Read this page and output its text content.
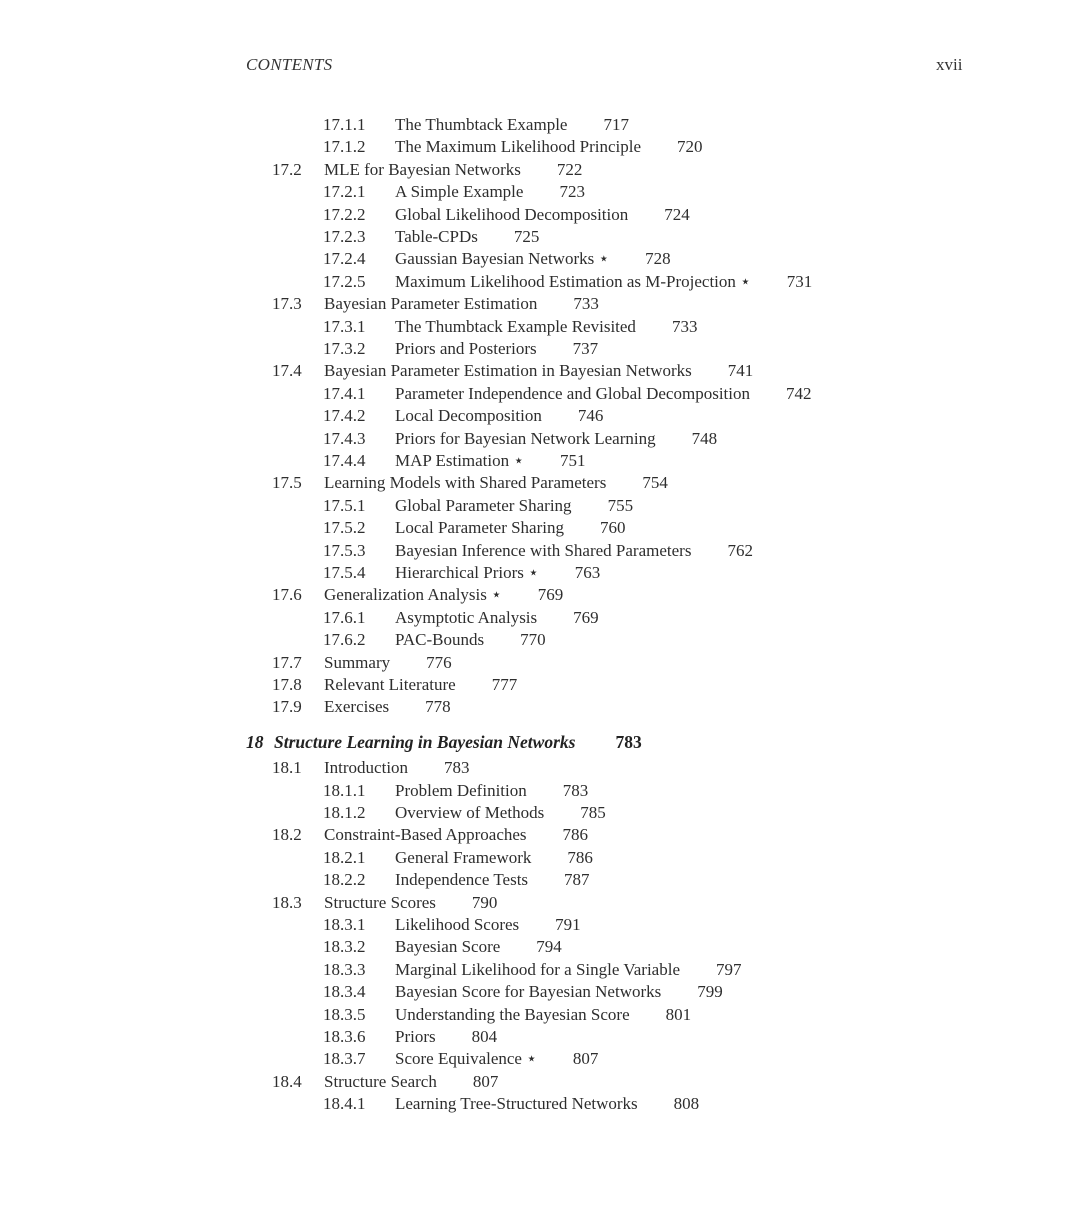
CONTENTS	xvii
17.1.1 The Thumbtack Example 717
17.1.2 The Maximum Likelihood Principle 720
17.2 MLE for Bayesian Networks 722
17.2.1 A Simple Example 723
17.2.2 Global Likelihood Decomposition 724
17.2.3 Table-CPDs 725
17.2.4 Gaussian Bayesian Networks ⋆ 728
17.2.5 Maximum Likelihood Estimation as M-Projection ⋆ 731
17.3 Bayesian Parameter Estimation 733
17.3.1 The Thumbtack Example Revisited 733
17.3.2 Priors and Posteriors 737
17.4 Bayesian Parameter Estimation in Bayesian Networks 741
17.4.1 Parameter Independence and Global Decomposition 742
17.4.2 Local Decomposition 746
17.4.3 Priors for Bayesian Network Learning 748
17.4.4 MAP Estimation ⋆ 751
17.5 Learning Models with Shared Parameters 754
17.5.1 Global Parameter Sharing 755
17.5.2 Local Parameter Sharing 760
17.5.3 Bayesian Inference with Shared Parameters 762
17.5.4 Hierarchical Priors ⋆ 763
17.6 Generalization Analysis ⋆ 769
17.6.1 Asymptotic Analysis 769
17.6.2 PAC-Bounds 770
17.7 Summary 776
17.8 Relevant Literature 777
17.9 Exercises 778
18 Structure Learning in Bayesian Networks 783
18.1 Introduction 783
18.1.1 Problem Definition 783
18.1.2 Overview of Methods 785
18.2 Constraint-Based Approaches 786
18.2.1 General Framework 786
18.2.2 Independence Tests 787
18.3 Structure Scores 790
18.3.1 Likelihood Scores 791
18.3.2 Bayesian Score 794
18.3.3 Marginal Likelihood for a Single Variable 797
18.3.4 Bayesian Score for Bayesian Networks 799
18.3.5 Understanding the Bayesian Score 801
18.3.6 Priors 804
18.3.7 Score Equivalence ⋆ 807
18.4 Structure Search 807
18.4.1 Learning Tree-Structured Networks 808
